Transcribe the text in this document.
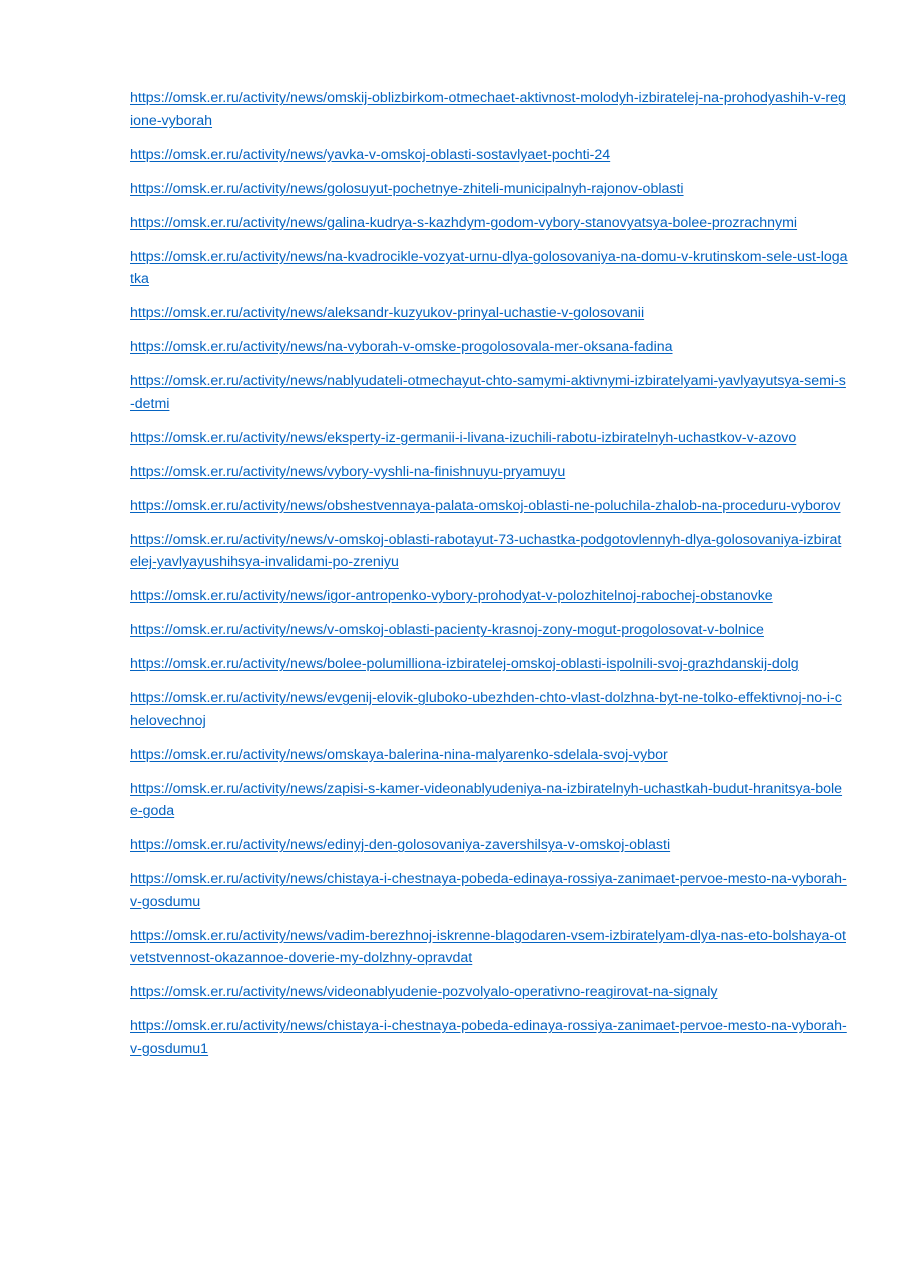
https://omsk.er.ru/activity/news/omskij-oblizbirkom-otmechaet-aktivnost-molodyh-izbiratelej-na-prohodyashih-v-regione-vyborah
https://omsk.er.ru/activity/news/yavka-v-omskoj-oblasti-sostavlyaet-pochti-24
https://omsk.er.ru/activity/news/golosuyut-pochetnye-zhiteli-municipalnyh-rajonov-oblasti
https://omsk.er.ru/activity/news/galina-kudrya-s-kazhdym-godom-vybory-stanovyatsya-bolee-prozrachnymi
https://omsk.er.ru/activity/news/na-kvadrocikle-vozyat-urnu-dlya-golosovaniya-na-domu-v-krutinskom-sele-ust-logatka
https://omsk.er.ru/activity/news/aleksandr-kuzyukov-prinyal-uchastie-v-golosovanii
https://omsk.er.ru/activity/news/na-vyborah-v-omske-progolosovala-mer-oksana-fadina
https://omsk.er.ru/activity/news/nablyudateli-otmechayut-chto-samymi-aktivnymi-izbiratelyami-yavlyayutsya-semi-s-detmi
https://omsk.er.ru/activity/news/eksperty-iz-germanii-i-livana-izuchili-rabotu-izbiratelnyh-uchastkov-v-azovo
https://omsk.er.ru/activity/news/vybory-vyshli-na-finishnuyu-pryamuyu
https://omsk.er.ru/activity/news/obshestvennaya-palata-omskoj-oblasti-ne-poluchila-zhalob-na-proceduru-vyborov
https://omsk.er.ru/activity/news/v-omskoj-oblasti-rabotayut-73-uchastka-podgotovlennyh-dlya-golosovaniya-izbiratelej-yavlyayushihsya-invalidami-po-zreniyu
https://omsk.er.ru/activity/news/igor-antropenko-vybory-prohodyat-v-polozhitelnoj-rabochej-obstanovke
https://omsk.er.ru/activity/news/v-omskoj-oblasti-pacienty-krasnoj-zony-mogut-progolosovat-v-bolnice
https://omsk.er.ru/activity/news/bolee-polumilliona-izbiratelej-omskoj-oblasti-ispolnili-svoj-grazhdanskij-dolg
https://omsk.er.ru/activity/news/evgenij-elovik-gluboko-ubezhden-chto-vlast-dolzhna-byt-ne-tolko-effektivnoj-no-i-chelovechnoj
https://omsk.er.ru/activity/news/omskaya-balerina-nina-malyarenko-sdelala-svoj-vybor
https://omsk.er.ru/activity/news/zapisi-s-kamer-videonablyudeniya-na-izbiratelnyh-uchastkah-budut-hranitsya-bolee-goda
https://omsk.er.ru/activity/news/edinyj-den-golosovaniya-zavershilsya-v-omskoj-oblasti
https://omsk.er.ru/activity/news/chistaya-i-chestnaya-pobeda-edinaya-rossiya-zanimaet-pervoe-mesto-na-vyborah-v-gosdumu
https://omsk.er.ru/activity/news/vadim-berezhnoj-iskrenne-blagodaren-vsem-izbiratelyam-dlya-nas-eto-bolshaya-otvetstvennost-okazannoe-doverie-my-dolzhny-opravdat
https://omsk.er.ru/activity/news/videonablyudenie-pozvolyalo-operativno-reagirovat-na-signaly
https://omsk.er.ru/activity/news/chistaya-i-chestnaya-pobeda-edinaya-rossiya-zanimaet-pervoe-mesto-na-vyborah-v-gosdumu1
